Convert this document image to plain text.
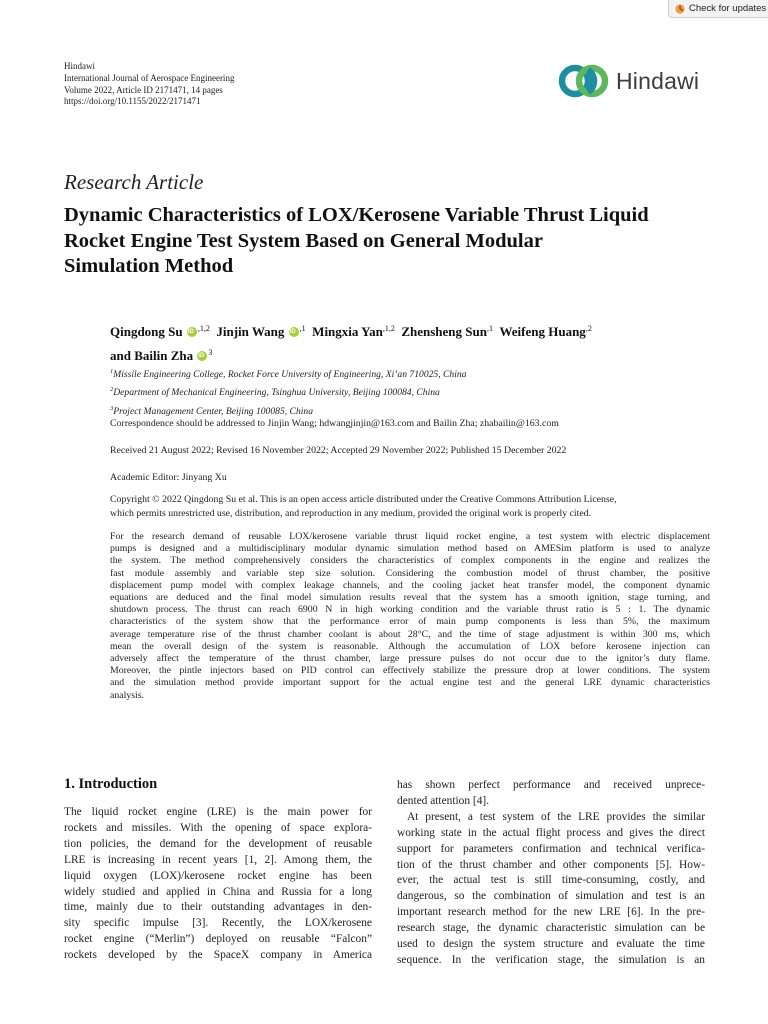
Check for updates
Hindawi
International Journal of Aerospace Engineering
Volume 2022, Article ID 2171471, 14 pages
https://doi.org/10.1155/2022/2171471
Hindawi
Research Article
Dynamic Characteristics of LOX/Kerosene Variable Thrust Liquid
Rocket Engine Test System Based on General Modular
Simulation Method
Qingdong Su iD $^{,1,2}$ Jinjin Wang iD $^{,1}$ Mingxia Yan$^{,1,2}$ Zhensheng Sun$^{,1}$ Weifeng Huang$^{,2}$
and Bailin Zha iD $^3$
$^1$Missile Engineering College, Rocket Force University of Engineering, Xi’an 710025, China
$^2$Department of Mechanical Engineering, Tsinghua University, Beijing 100084, China
$^3$Project Management Center, Beijing 100085, China
Correspondence should be addressed to Jinjin Wang; hdwangjinjin@163.com and Bailin Zha; zhabailin@163.com
Received 21 August 2022; Revised 16 November 2022; Accepted 29 November 2022; Published 15 December 2022
Academic Editor: Jinyang Xu
Copyright © 2022 Qingdong Su et al. This is an open access article distributed under the Creative Commons Attribution License,
which permits unrestricted use, distribution, and reproduction in any medium, provided the original work is properly cited.
For the research demand of reusable LOX/kerosene variable thrust liquid rocket engine, a test system with electric displacement
pumps is designed and a multidisciplinary modular dynamic simulation method based on AMESim platform is used to analyze
the system. The method comprehensively considers the characteristics of complex components in the engine and realizes the
fast module assembly and variable step size solution. Considering the combustion model of thrust chamber, the positive
displacement pump model with complex leakage channels, and the cooling jacket heat transfer model, the component dynamic
equations are deduced and the final model simulation results reveal that the system has a smooth ignition, stage turning, and
shutdown process. The thrust can reach 6900 N in high working condition and the variable thrust ratio is 5 : 1. The dynamic
characteristics of the system show that the performance error of main pump components is less than 5%, the maximum
average temperature rise of the thrust chamber coolant is about 28°C, and the time of stage adjustment is within 300 ms, which
mean the overall design of the system is reasonable. Although the accumulation of LOX before kerosene injection can
adversely affect the temperature of the thrust chamber, large pressure pulses do not occur due to the ignitor’s duty flame.
Moreover, the pintle injectors based on PID control can effectively stabilize the pressure drop at lower conditions. The system
and the simulation method provide important support for the actual engine test and the general LRE dynamic characteristics
analysis.
1. Introduction
The liquid rocket engine (LRE) is the main power for
rockets and missiles. With the opening of space explora-
tion policies, the demand for the development of reusable
LRE is increasing in recent years [1, 2]. Among them, the
liquid oxygen (LOX)/kerosene rocket engine has been
widely studied and applied in China and Russia for a long
time, mainly due to their outstanding advantages in den-
sity specific impulse [3]. Recently, the LOX/kerosene
rocket engine (“Merlin”) deployed on reusable “Falcon”
rockets developed by the SpaceX company in America
has shown perfect performance and received unprece-
dented attention [4].
At present, a test system of the LRE provides the similar
working state in the actual flight process and gives the direct
support for parameters confirmation and technical verifica-
tion of the thrust chamber and other components [5]. How-
ever, the actual test is still time-consuming, costly, and
dangerous, so the combination of simulation and test is an
important research method for the new LRE [6]. In the pre-
research stage, the dynamic characteristic simulation can be
used to design the system structure and evaluate the time
sequence. In the verification stage, the simulation is an
